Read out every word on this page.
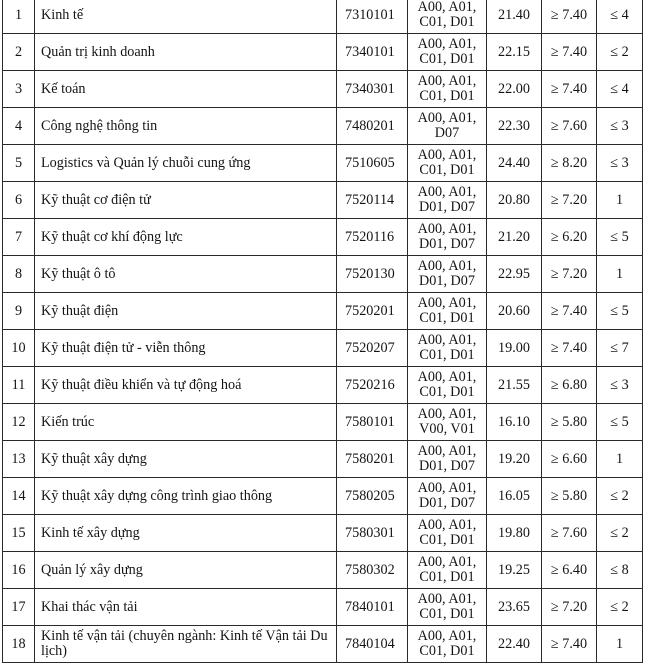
1	Kinh tế	7310101	A00, A01,
C01, D01	21.40	≥ 7.40	≤ 4
2	Quản trị kinh doanh	7340101	A00, A01,
C01, D01	22.15	≥ 7.40	≤ 2
3	Kế toán	7340301	A00, A01,
C01, D01	22.00	≥ 7.40	≤ 4
4	Công nghệ thông tin	7480201	A00, A01,
D07	22.30	≥ 7.60	≤ 3
5	Logistics và Quản lý chuỗi cung ứng	7510605	A00, A01,
C01, D01	24.40	≥ 8.20	≤ 3
6	Kỹ thuật cơ điện tử	7520114	A00, A01,
D01, D07	20.80	≥ 7.20	1
7	Kỹ thuật cơ khí động lực	7520116	A00, A01,
D01, D07	21.20	≥ 6.20	≤ 5
8	Kỹ thuật ô tô	7520130	A00, A01,
D01, D07	22.95	≥ 7.20	1
9	Kỹ thuật điện	7520201	A00, A01,
C01, D01	20.60	≥ 7.40	≤ 5
10	Kỹ thuật điện tử - viễn thông	7520207	A00, A01,
C01, D01	19.00	≥ 7.40	≤ 7
11	Kỹ thuật điều khiển và tự động hoá	7520216	A00, A01,
C01, D01	21.55	≥ 6.80	≤ 3
12	Kiến trúc	7580101	A00, A01,
V00, V01	16.10	≥ 5.80	≤ 5
13	Kỹ thuật xây dựng	7580201	A00, A01,
D01, D07	19.20	≥ 6.60	1
14	Kỹ thuật xây dựng công trình giao thông	7580205	A00, A01,
D01, D07	16.05	≥ 5.80	≤ 2
15	Kinh tế xây dựng	7580301	A00, A01,
C01, D01	19.80	≥ 7.60	≤ 2
16	Quản lý xây dựng	7580302	A00, A01,
C01, D01	19.25	≥ 6.40	≤ 8
17	Khai thác vận tải	7840101	A00, A01,
C01, D01	23.65	≥ 7.20	≤ 2
18	Kinh tế vận tải (chuyên ngành: Kinh tế Vận tải Du lịch)	7840104	A00, A01,
C01, D01	22.40	≥ 7.40	1
